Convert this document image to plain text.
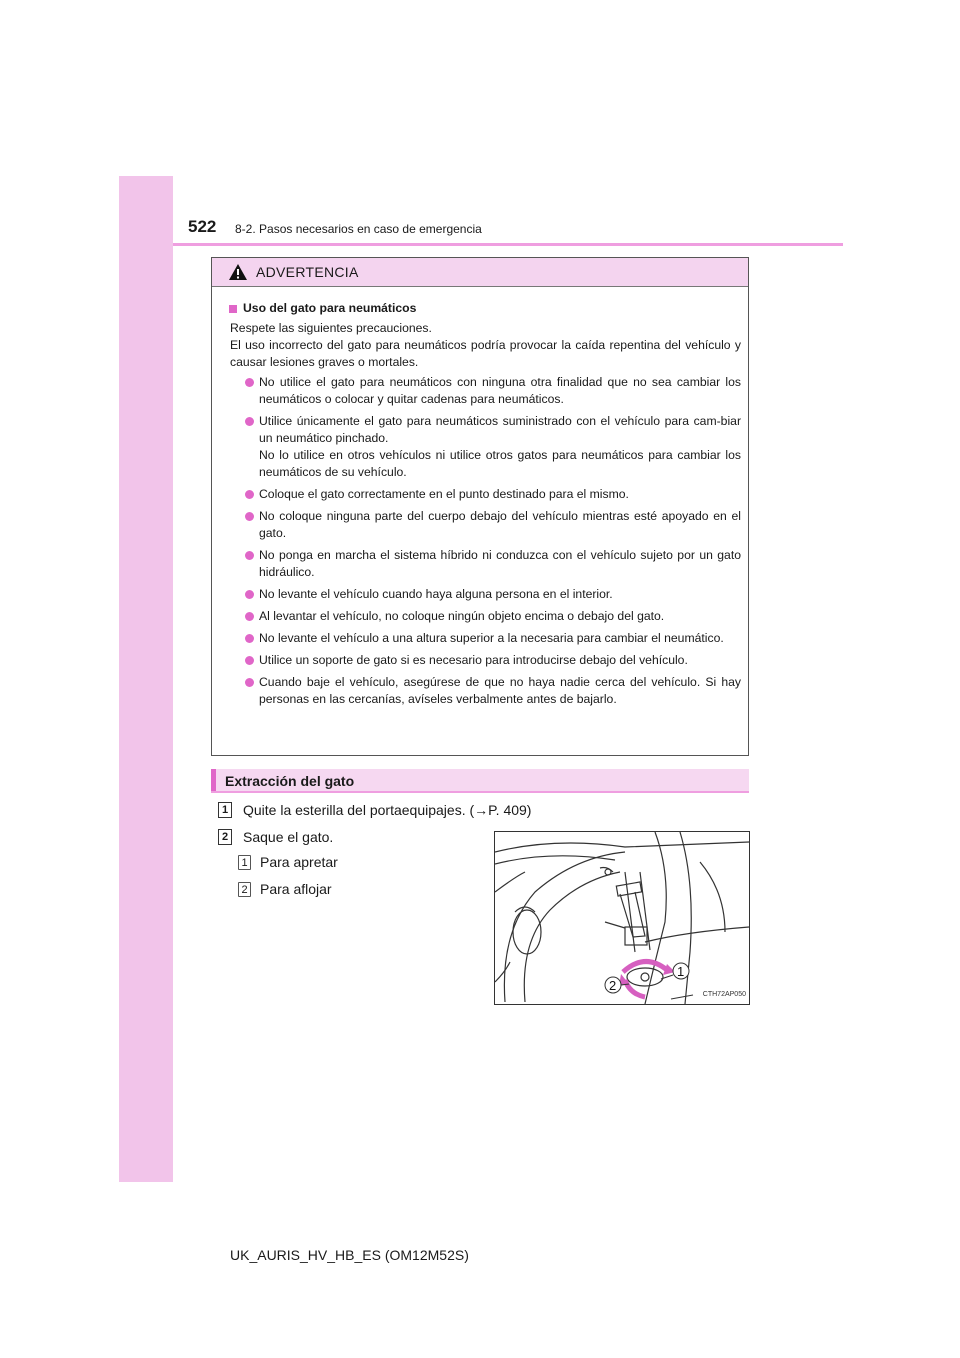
522 8-2. Pasos necesarios en caso de emergencia
ADVERTENCIA
Uso del gato para neumáticos
Respete las siguientes precauciones.
El uso incorrecto del gato para neumáticos podría provocar la caída repentina del vehículo y causar lesiones graves o mortales.
No utilice el gato para neumáticos con ninguna otra finalidad que no sea cambiar los neumáticos o colocar y quitar cadenas para neumáticos.
Utilice únicamente el gato para neumáticos suministrado con el vehículo para cam-biar un neumático pinchado.
No lo utilice en otros vehículos ni utilice otros gatos para neumáticos para cambiar los neumáticos de su vehículo.
Coloque el gato correctamente en el punto destinado para el mismo.
No coloque ninguna parte del cuerpo debajo del vehículo mientras esté apoyado en el gato.
No ponga en marcha el sistema híbrido ni conduzca con el vehículo sujeto por un gato hidráulico.
No levante el vehículo cuando haya alguna persona en el interior.
Al levantar el vehículo, no coloque ningún objeto encima o debajo del gato.
No levante el vehículo a una altura superior a la necesaria para cambiar el neumático.
Utilice un soporte de gato si es necesario para introducirse debajo del vehículo.
Cuando baje el vehículo, asegúrese de que no haya nadie cerca del vehículo. Si hay personas en las cercanías, avíseles verbalmente antes de bajarlo.
Extracción del gato
1 Quite la esterilla del portaequipajes. (→P. 409)
2 Saque el gato.
1 Para apretar
2 Para aflojar
1
2
CTH72AP050
UK_AURIS_HV_HB_ES (OM12M52S)
